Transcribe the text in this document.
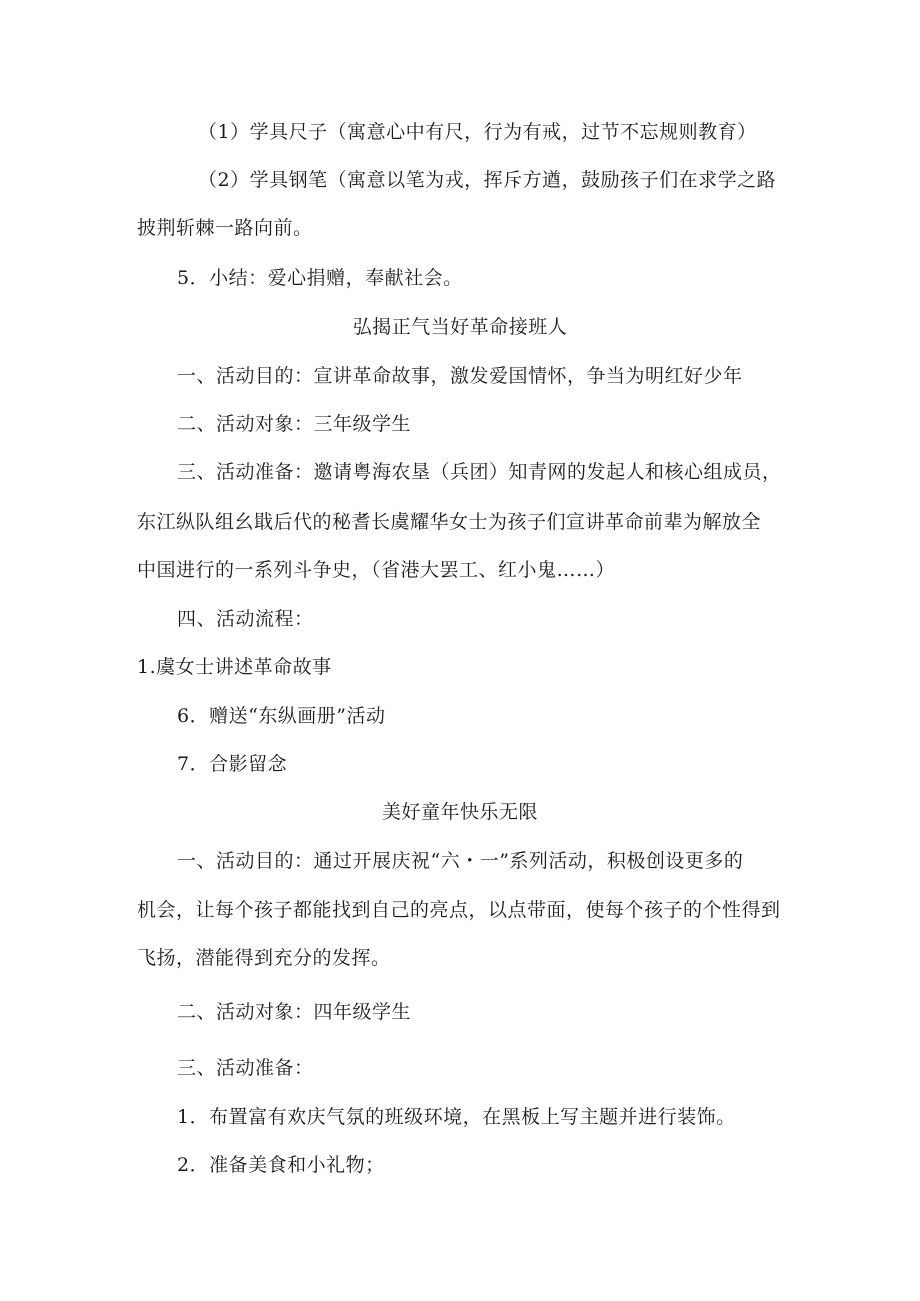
（1）学具尺子（寓意心中有尺，行为有戒，过节不忘规则教育）
（2）学具钢笔（寓意以笔为戎，挥斥方遒，鼓励孩子们在求学之路
披荆斩棘一路向前。
5．小结：爱心捐赠，奉献社会。
弘揭正气当好革命接班人
一、活动目的：宣讲革命故事，激发爱国情怀，争当为明红好少年
二、活动对象：三年级学生
三、活动准备：邀请粤海农垦（兵团）知青网的发起人和核心组成员，
东江纵队组幺戢后代的秘耆长虞耀华女士为孩子们宣讲革命前辈为解放全
中国进行的一系列斗争史，（省港大罢工、红小鬼……）
四、活动流程：
1.虞女士讲述革命故事
6．赠送“东纵画册”活动
7．合影留念
美好童年快乐无限
一、活动目的：通过开展庆祝“六・一”系列活动，积极创设更多的
机会，让每个孩子都能找到自己的亮点，以点带面，使每个孩子的个性得到
飞扬，潜能得到充分的发挥。
二、活动对象：四年级学生
三、活动准备：
1．布置富有欢庆气氛的班级环境，在黑板上写主题并进行装饰。
2．准备美食和小礼物；
